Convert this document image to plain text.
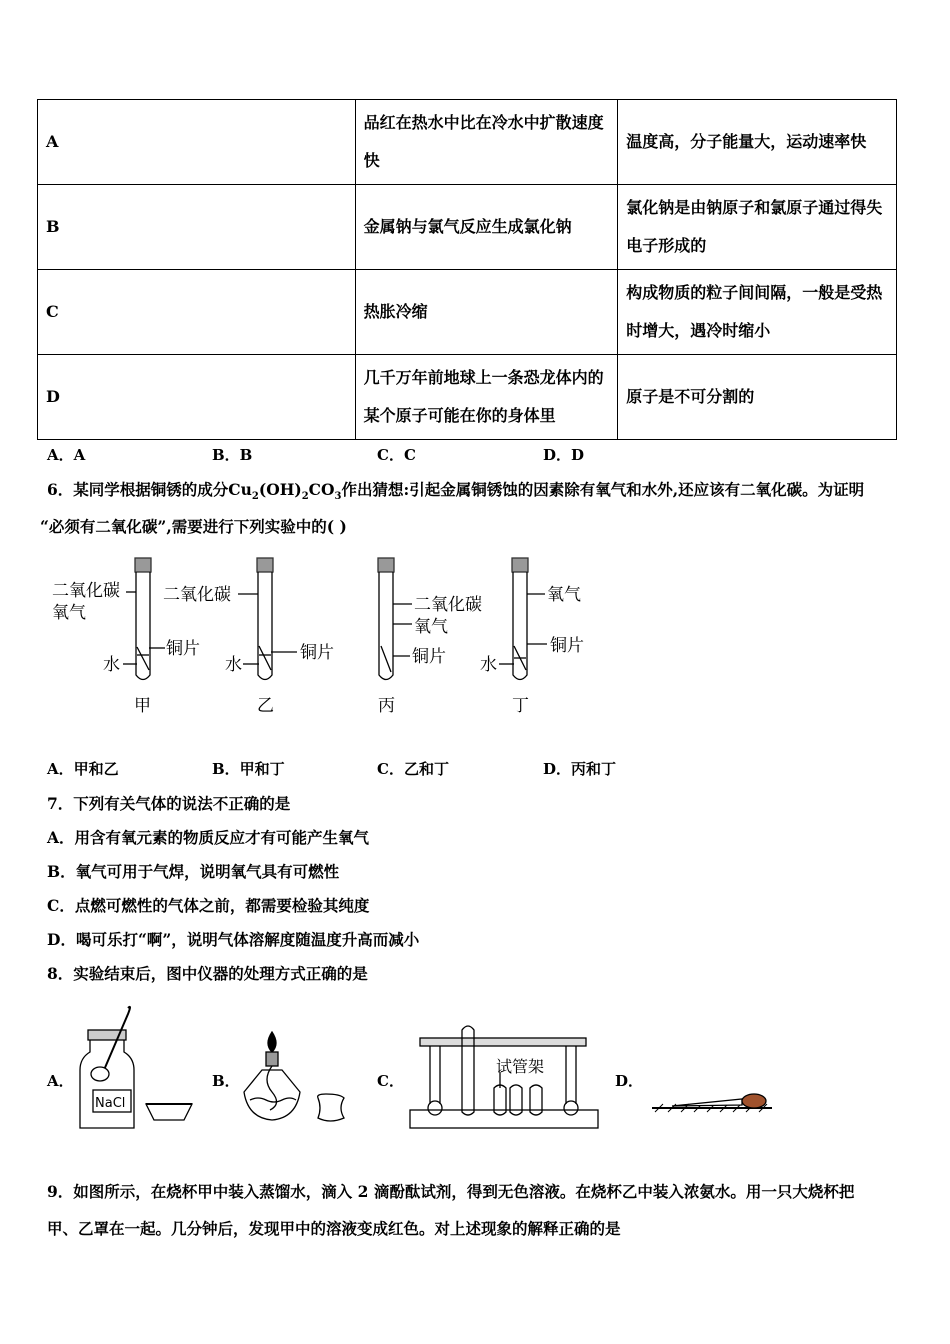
A	品红在热水中比在冷水中扩散速度快	温度高，分子能量大，运动速率快
B	金属钠与氯气反应生成氯化钠	氯化钠是由钠原子和氯原子通过得失电子形成的
C	热胀冷缩	构成物质的粒子间间隔，一般是受热时增大，遇冷时缩小
D	几千万年前地球上一条恐龙体内的某个原子可能在你的身体里	原子是不可分割的
A．A	B．B	C．C	D．D
6．某同学根据铜锈的成分$Cu_2(OH)_2CO_3$作出猜想:引起金属铜锈蚀的因素除有氧气和水外,还应该有二氧化碳。为证明
“必须有二氧化碳”,需要进行下列实验中的( )
二氧化碳
氧气
铜片
水
甲
二氧化碳
铜片
水
乙
二氧化碳
氧气
铜片
丙
氧气
铜片
水
丁
A．甲和乙	B．甲和丁	C．乙和丁	D．丙和丁
7．下列有关气体的说法不正确的是
A．用含有氧元素的物质反应才有可能产生氧气
B．氧气可用于气焊，说明氧气具有可燃性
C．点燃可燃性的气体之前，都需要检验其纯度
D．喝可乐打“啊”，说明气体溶解度随温度升高而减小
8．实验结束后，图中仪器的处理方式正确的是
A．	B．	C．	D．
NaCl
试管架
9．如图所示，在烧杯甲中装入蒸馏水，滴入 2 滴酚酞试剂，得到无色溶液。在烧杯乙中装入浓氨水。用一只大烧杯把
甲、乙罩在一起。几分钟后，发现甲中的溶液变成红色。对上述现象的解释正确的是
